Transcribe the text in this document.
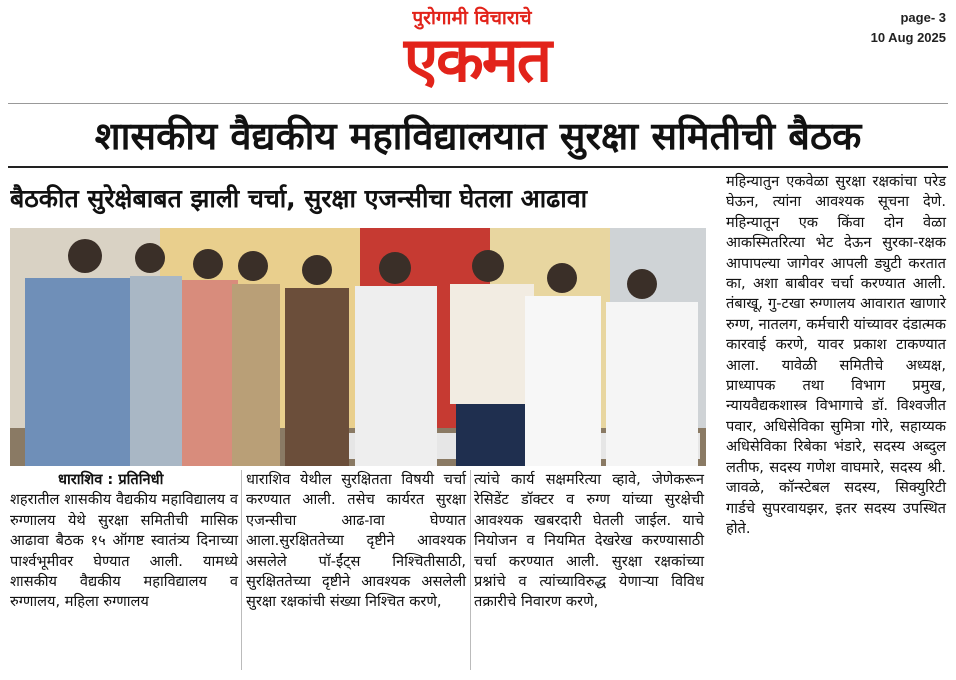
पुरोगामी विचाराचे
एकमत
page- 3
10 Aug 2025
शासकीय वैद्यकीय महाविद्यालयात सुरक्षा समितीची बैठक
बैठकीत सुरेक्षेबाबत झाली चर्चा, सुरक्षा एजन्सीचा घेतला आढावा

महिन्यातुन एकवेळा सुरक्षा रक्षकांचा परेड घेऊन, त्यांना आवश्यक सूचना देणे. महिन्यातून एक किंवा दोन वेळा आकस्मितरित्या भेट देऊन सुरका-रक्षक आपापल्या जागेवर आपली ड्युटी करतात का, अशा बाबीवर चर्चा करण्यात आली. तंबाखू, गु-टखा रुग्णालय आवारात खाणारे रुग्ण, नातलग, कर्मचारी यांच्यावर दंडात्मक कारवाई करणे, यावर प्रकाश टाकण्यात आला. यावेळी समितीचे अध्यक्ष, प्राध्यापक तथा विभाग प्रमुख, न्यायवैद्यकशास्त्र विभागाचे डॉ. विश्वजीत पवार, अधिसेविका सुमित्रा गोरे, सहाय्यक अधिसेविका रिबेका भंडारे, सदस्य अब्दुल लतीफ, सदस्य गणेश वाघमारे, सदस्य श्री. जावळे, कॉन्स्टेबल सदस्य, सिक्युरिटी गार्डचे सुपरवायझर, इतर सदस्य उपस्थित होते.

धाराशिव : प्रतिनिधी

शहरातील शासकीय वैद्यकीय महाविद्यालय व रुग्णालय येथे सुरक्षा समितीची मासिक आढावा बैठक १५ ऑगष्ट स्वातंत्र्य दिनाच्या पार्श्वभूमीवर घेण्यात आली. यामध्ये शासकीय वैद्यकीय महाविद्यालय व रुग्णालय, महिला रुग्णालय

धाराशिव येथील सुरक्षितता विषयी चर्चा करण्यात आली. तसेच कार्यरत सुरक्षा एजन्सीचा आढ-ावा घेण्यात आला.सुरक्षिततेच्या दृष्टीने आवश्यक असलेले पॉ-ईंट्स निश्चितीसाठी, सुरक्षिततेच्या दृष्टीने आवश्यक असलेली सुरक्षा रक्षकांची संख्या निश्चित करणे,

त्यांचे कार्य सक्षमरित्या व्हावे, जेणेकरून रेसिडेंट डॉक्टर व रुग्ण यांच्या सुरक्षेची आवश्यक खबरदारी घेतली जाईल. याचे नियोजन व नियमित देखरेख करण्यासाठी चर्चा करण्यात आली. सुरक्षा रक्षकांच्या प्रश्नांचे व त्यांच्याविरुद्ध येणाऱ्या विविध तक्रारीचे निवारण करणे,
